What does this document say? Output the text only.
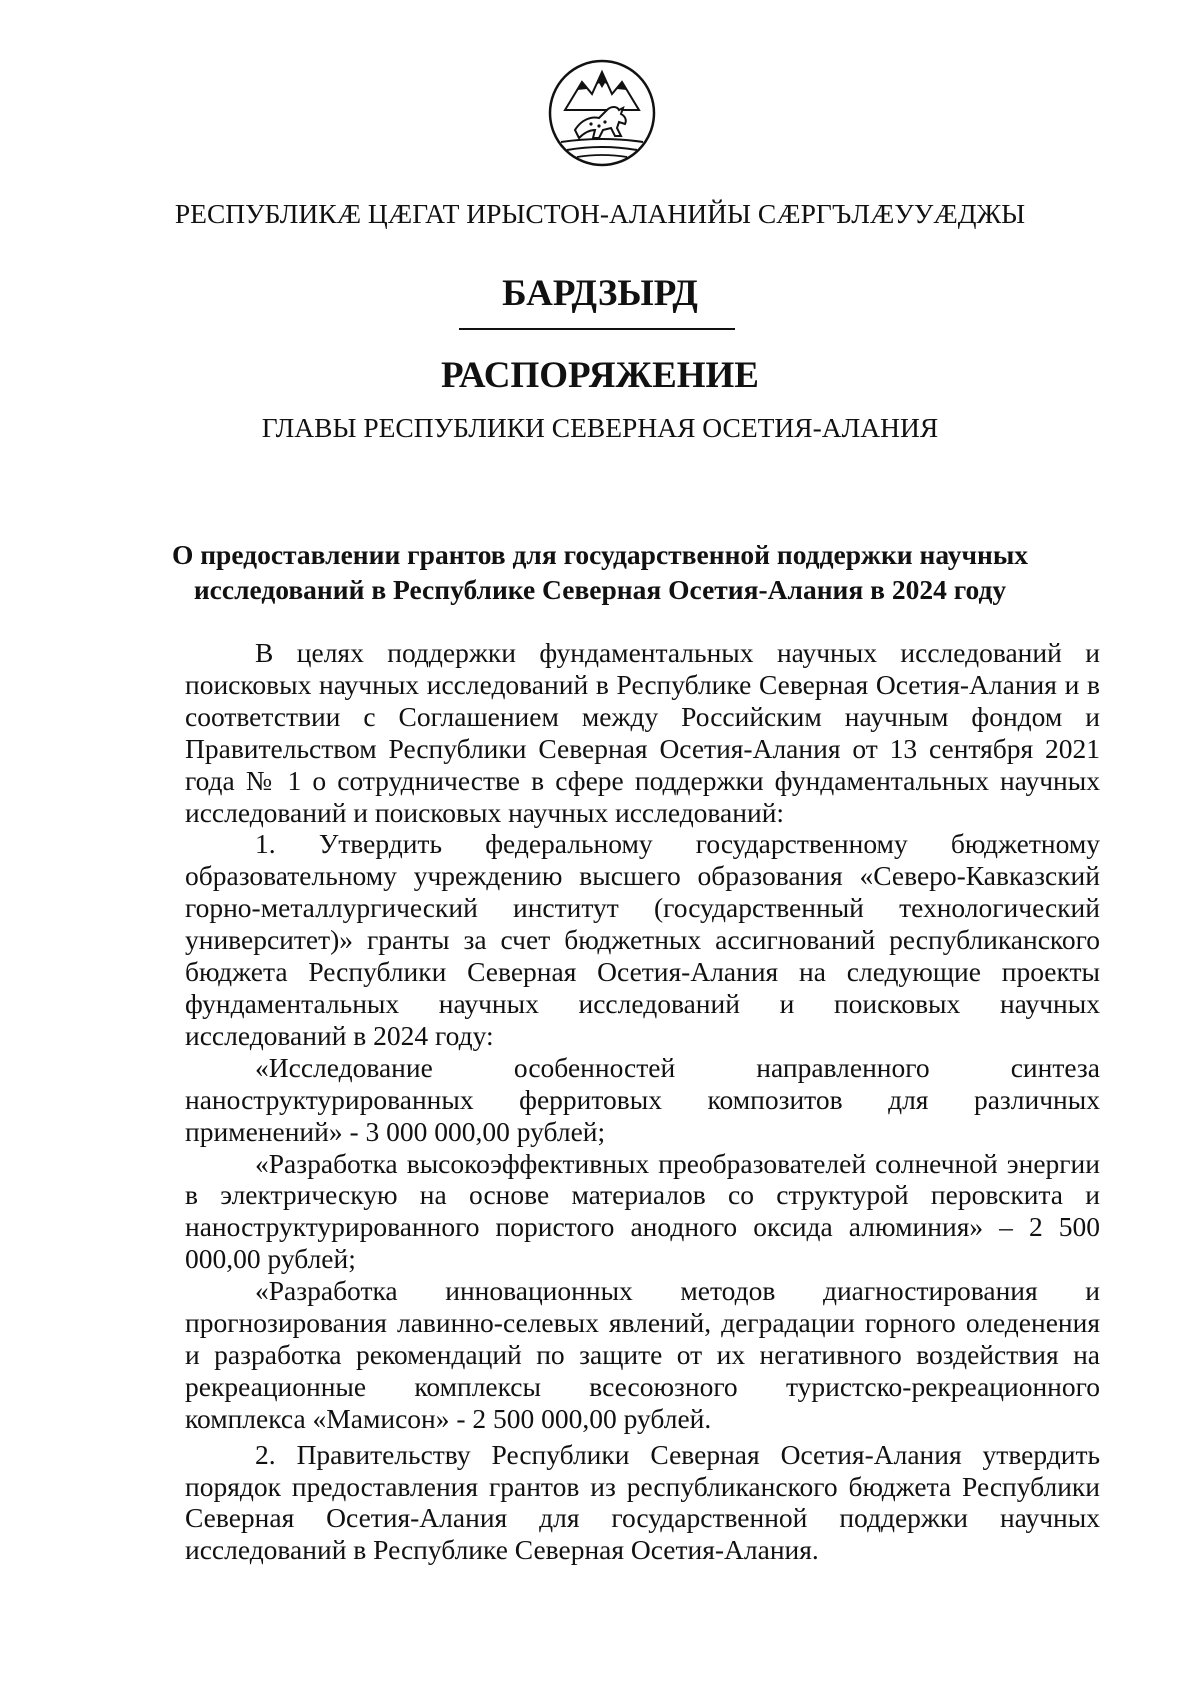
РЕСПУБЛИКӔ ЦӔГАТ ИРЫСТОН-АЛАНИЙЫ СӔРГЪЛӔУУӔДЖЫ
БАРДЗЫРД
РАСПОРЯЖЕНИЕ
ГЛАВЫ РЕСПУБЛИКИ СЕВЕРНАЯ ОСЕТИЯ-АЛАНИЯ
О предоставлении грантов для государственной поддержки научных
исследований в Республике Северная Осетия-Алания в 2024 году

В целях поддержки фундаментальных научных исследований и поисковых научных исследований в Республике Северная Осетия-Алания и в соответствии с Соглашением между Российским научным фондом и Правительством Республики Северная Осетия-Алания от 13 сентября 2021 года № 1 о сотрудничестве в сфере поддержки фундаментальных научных исследований и поисковых научных исследований:

1. Утвердить федеральному государственному бюджетному образовательному учреждению высшего образования «Северо-Кавказский горно-металлургический институт (государственный технологический университет)» гранты за счет бюджетных ассигнований республиканского бюджета Республики Северная Осетия-Алания на следующие проекты фундаментальных научных исследований и поисковых научных исследований в 2024 году:

«Исследование особенностей направленного синтеза наноструктурированных ферритовых композитов для различных применений» - 3 000 000,00 рублей;

«Разработка высокоэффективных преобразователей солнечной энергии в электрическую на основе материалов со структурой перовскита и наноструктурированного пористого анодного оксида алюминия» – 2 500 000,00 рублей;

«Разработка инновационных методов диагностирования и прогнозирования лавинно-селевых явлений, деградации горного оледенения и разработка рекомендаций по защите от их негативного воздействия на рекреационные комплексы всесоюзного туристско-рекреационного комплекса «Мамисон» - 2 500 000,00 рублей.

2. Правительству Республики Северная Осетия-Алания утвердить порядок предоставления грантов из республиканского бюджета Республики Северная Осетия-Алания для государственной поддержки научных исследований в Республике Северная Осетия-Алания.
